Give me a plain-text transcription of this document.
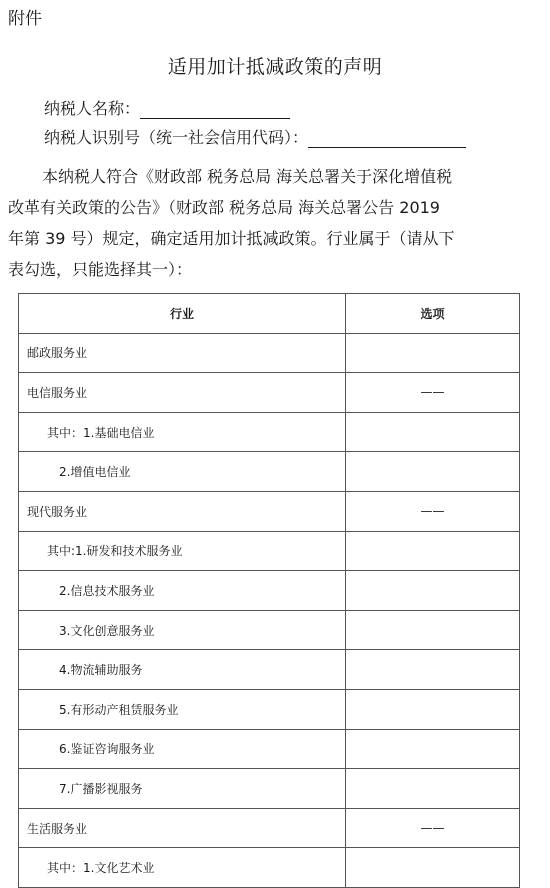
附件
适用加计抵减政策的声明
纳税人名称：
纳税人识别号（统一社会信用代码）：
本纳税人符合《财政部 税务总局 海关总署关于深化增值税
改革有关政策的公告》（财政部 税务总局 海关总署公告 2019
年第 39 号）规定，确定适用加计抵减政策。行业属于（请从下
表勾选，只能选择其一）：
行业	选项
邮政服务业	
电信服务业	——
其中：1.基础电信业	
2.增值电信业	
现代服务业	——
其中:1.研发和技术服务业	
2.信息技术服务业	
3.文化创意服务业	
4.物流辅助服务	
5.有形动产租赁服务业	
6.鉴证咨询服务业	
7.广播影视服务	
生活服务业	——
其中：1.文化艺术业	
